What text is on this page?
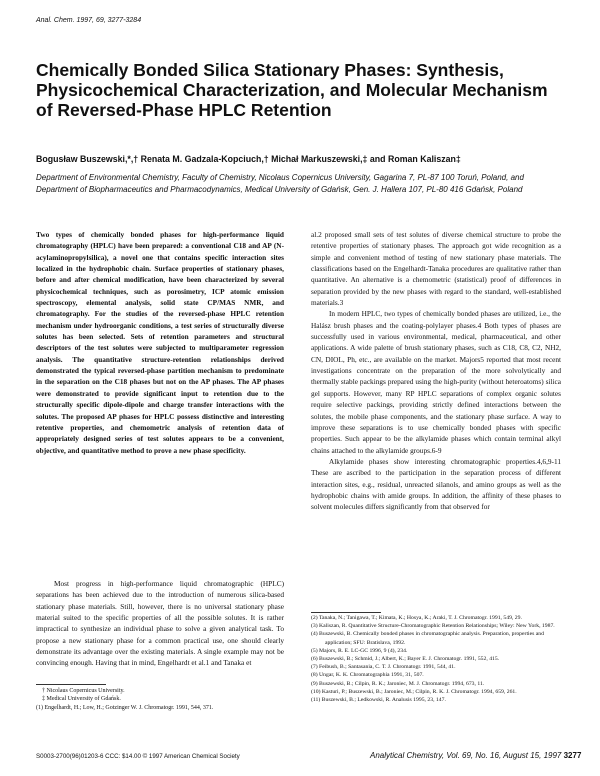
Anal. Chem. 1997, 69, 3277-3284
Chemically Bonded Silica Stationary Phases: Synthesis, Physicochemical Characterization, and Molecular Mechanism of Reversed-Phase HPLC Retention
Bogusław Buszewski,*,† Renata M. Gadzala-Kopciuch,† Michał Markuszewski,‡ and Roman Kaliszan‡
Department of Environmental Chemistry, Faculty of Chemistry, Nicolaus Copernicus University, Gagarina 7, PL-87 100 Toruń, Poland, and Department of Biopharmaceutics and Pharmacodynamics, Medical University of Gdańsk, Gen. J. Hallera 107, PL-80 416 Gdańsk, Poland
Two types of chemically bonded phases for high-performance liquid chromatography (HPLC) have been prepared: a conventional C18 and AP (N-acylaminopropylsilica), a novel one that contains specific interaction sites localized in the hydrophobic chain. Surface properties of stationary phases, before and after chemical modification, have been characterized by several physicochemical techniques, such as porosimetry, ICP atomic emission spectroscopy, elemental analysis, solid state CP/MAS NMR, and chromatography. For the studies of the reversed-phase HPLC retention mechanism under hydroorganic conditions, a test series of structurally diverse solutes has been selected. Sets of retention parameters and structural descriptors of the test solutes were subjected to multiparameter regression analysis. The quantitative structure-retention relationships derived demonstrated the typical reversed-phase partition mechanism to predominate in the separation on the C18 phases but not on the AP phases. The AP phases were demonstrated to provide significant input to retention due to the structurally specific dipole-dipole and charge transfer interactions with the solutes. The proposed AP phases for HPLC possess distinctive and interesting retentive properties, and chemometric analysis of retention data of appropriately designed series of test solutes appears to be a convenient, objective, and quantitative method to prove a new phase specificity.

Most progress in high-performance liquid chromatographic (HPLC) separations has been achieved due to the introduction of numerous silica-based stationary phase materials. Still, however, there is no universal stationary phase material suited to the specific properties of all the possible solutes. It is rather impractical to synthesize an individual phase to solve a given analytical task. To propose a new stationary phase for a common practical use, one should clearly demonstrate its advantage over the existing materials. A single example may not be convincing enough. Having that in mind, Engelhardt et al.1 and Tanaka et

† Nicolaus Copernicus University.
‡ Medical University of Gdańsk.
(1) Engelhardt, H.; Low, H.; Gotzinger W. J. Chromatogr. 1991, 544, 371.

al.2 proposed small sets of test solutes of diverse chemical structure to probe the retentive properties of stationary phases. The approach got wide recognition as a simple and convenient method of testing of new stationary phase materials. The classifications based on the Engelhardt-Tanaka procedures are qualitative rather than quantitative. An alternative is a chemometric (statistical) proof of differences in separation provided by the new phases with regard to the standard, well-established materials.3

In modern HPLC, two types of chemically bonded phases are utilized, i.e., the Halász brush phases and the coating-polylayer phases.4 Both types of phases are successfully used in various environmental, medical, pharmaceutical, and other applications. A wide palette of brush stationary phases, such as C18, C8, C2, NH2, CN, DIOL, Ph, etc., are available on the market. Majors5 reported that most recent investigations concentrate on the preparation of the more solvolytically and thermally stable packings prepared using the high-purity (without heteroatoms) silica gel supports. However, many RP HPLC separations of complex organic solutes require selective packings, providing strictly defined interactions between the solutes, the mobile phase components, and the stationary phase surface. A way to improve these separations is to use chemically bonded phases with specific properties. Such appear to be the alkylamide phases which contain terminal alkyl chains attached to the alkylamide groups.6-9

Alkylamide phases show interesting chromatographic properties.4,6,9-11 These are ascribed to the participation in the separation process of different interaction sites, e.g., residual, unreacted silanols, and amino groups as well as the hydrophobic chains with amide groups. In addition, the affinity of these phases to solvent molecules differs significantly from that observed for

(2) Tanaka, N.; Tanigawa, T.; Kimata, K.; Hosya, K.; Araki, T. J. Chromatogr. 1991, 549, 29.
(3) Kaliszan, R. Quantitative Structure-Chromatographic Retention Relationships; Wiley: New York, 1987.
(4) Buszewski, B. Chemically bonded phases in chromatographic analysis. Preparation, properties and application; SFU: Bratislava, 1992.
(5) Majors, R. E. LC-GC 1996, 9 (4), 234.
(6) Buszewski, B.; Schmid, J.; Albert, K.; Bayer E. J. Chromatogr. 1991, 552, 415.
(7) Feibush, B.; Santasania, C. T. J. Chromatogr. 1991, 544, 41.
(8) Ungar, K. K. Chromatographia 1991, 31, 507.
(9) Buszewski, B.; Cilpin, R. K.; Jaroniec, M. J. Chromatogr. 1994, 673, 11.
(10) Kasturi, P.; Buszewski, B.; Jaroniec, M.; Cilpin, R. K. J. Chromatogr. 1994, 659, 261.
(11) Buszewski, B.; Ledkowski, R. Analusis 1995, 23, 147.
S0003-2700(96)01203-6 CCC: $14.00 © 1997 American Chemical Society	Analytical Chemistry, Vol. 69, No. 16, August 15, 1997 3277
